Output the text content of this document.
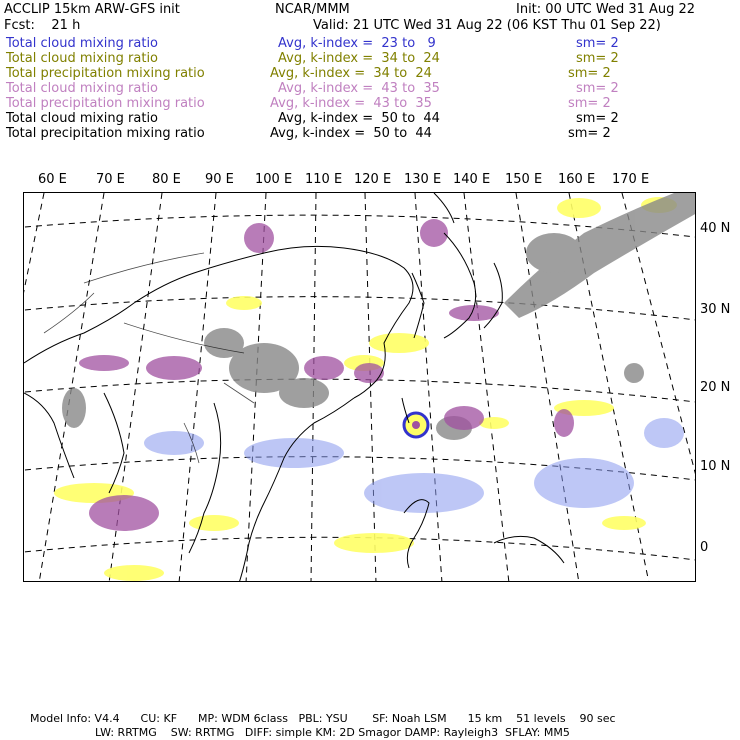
ACCLIP 15km ARW-GFS init	NCAR/MMM	Init: 00 UTC Wed 31 Aug 22
Fcst:    21 h	Valid: 21 UTC Wed 31 Aug 22 (06 KST Thu 01 Sep 22)
Total cloud mixing ratio	Avg, k-index =  23 to   9	sm= 2
Total cloud mixing ratio	Avg, k-index =  34 to  24	sm= 2
Total precipitation mixing ratio	Avg, k-index =  34 to  24	sm= 2
Total cloud mixing ratio	Avg, k-index =  43 to  35	sm= 2
Total precipitation mixing ratio	Avg, k-index =  43 to  35	sm= 2
Total cloud mixing ratio	Avg, k-index =  50 to  44	sm= 2
Total precipitation mixing ratio	Avg, k-index =  50 to  44	sm= 2
60 E 70 E 80 E 90 E 100 E 110 E 120 E 130 E 140 E 150 E 160 E 170 E
40 N
30 N
20 N
10 N
0
Model Info: V4.4      CU: KF      MP: WDM 6class   PBL: YSU       SF: Noah LSM      15 km    51 levels    90 sec
LW: RRTMG    SW: RRTMG   DIFF: simple KM: 2D Smagor DAMP: Rayleigh3  SFLAY: MM5
